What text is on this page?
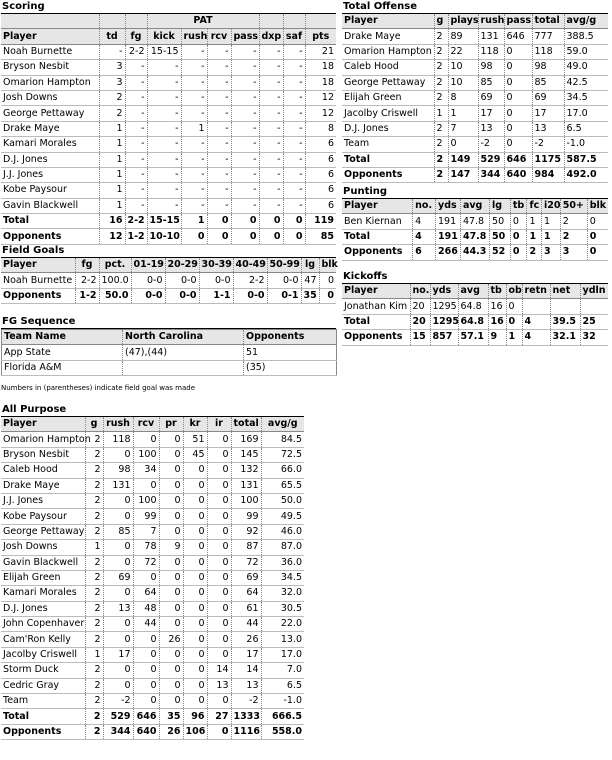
Scoring
			PAT						
Player	td	fg	kick	rush	rcv	pass	dxp	saf	pts
Noah Burnette	-	2-2	15-15	-	-	-	-	-	21
Bryson Nesbit	3	-	-	-	-	-	-	-	18
Omarion Hampton	3	-	-	-	-	-	-	-	18
Josh Downs	2	-	-	-	-	-	-	-	12
George Pettaway	2	-	-	-	-	-	-	-	12
Drake Maye	1	-	-	1	-	-	-	-	8
Kamari Morales	1	-	-	-	-	-	-	-	6
D.J. Jones	1	-	-	-	-	-	-	-	6
J.J. Jones	1	-	-	-	-	-	-	-	6
Kobe Paysour	1	-	-	-	-	-	-	-	6
Gavin Blackwell	1	-	-	-	-	-	-	-	6
Total	16	2-2	15-15	1	0	0	0	0	119
Opponents	12	1-2	10-10	0	0	0	0	0	85
Total Offense
Player	g	plays	rush	pass	total	avg/g
Drake Maye	2	89	131	646	777	388.5
Omarion Hampton	2	22	118	0	118	59.0
Caleb Hood	2	10	98	0	98	49.0
George Pettaway	2	10	85	0	85	42.5
Elijah Green	2	8	69	0	69	34.5
Jacolby Criswell	1	1	17	0	17	17.0
D.J. Jones	2	7	13	0	13	6.5
Team	2	0	-2	0	-2	-1.0
Total	2	149	529	646	1175	587.5
Opponents	2	147	344	640	984	492.0
Punting
Player	no.	yds	avg	lg	tb	fc	i20	50+	blk
Ben Kiernan	4	191	47.8	50	0	1	1	2	0
Total	4	191	47.8	50	0	1	1	2	0
Opponents	6	266	44.3	52	0	2	3	3	0
Kickoffs
Player	no.	yds	avg	tb	ob	retn	net	ydln
Jonathan Kim	20	1295	64.8	16	0			
Total	20	1295	64.8	16	0	4	39.5	25
Opponents	15	857	57.1	9	1	4	32.1	32
Field Goals
Player	fg	pct.	01-19	20-29	30-39	40-49	50-99	lg	blk
Noah Burnette	2-2	100.0	0-0	0-0	0-0	2-2	0-0	47	0
Opponents	1-2	50.0	0-0	0-0	1-1	0-0	0-1	35	0
FG Sequence
Team Name	North Carolina	Opponents
App State	(47),(44)	51
Florida A&M		(35)
Numbers in (parentheses) indicate field goal was made
All Purpose
Player	g	rush	rcv	pr	kr	ir	total	avg/g
Omarion Hampton	2	118	0	0	51	0	169	84.5
Bryson Nesbit	2	0	100	0	45	0	145	72.5
Caleb Hood	2	98	34	0	0	0	132	66.0
Drake Maye	2	131	0	0	0	0	131	65.5
J.J. Jones	2	0	100	0	0	0	100	50.0
Kobe Paysour	2	0	99	0	0	0	99	49.5
George Pettaway	2	85	7	0	0	0	92	46.0
Josh Downs	1	0	78	9	0	0	87	87.0
Gavin Blackwell	2	0	72	0	0	0	72	36.0
Elijah Green	2	69	0	0	0	0	69	34.5
Kamari Morales	2	0	64	0	0	0	64	32.0
D.J. Jones	2	13	48	0	0	0	61	30.5
John Copenhaver	2	0	44	0	0	0	44	22.0
Cam'Ron Kelly	2	0	0	26	0	0	26	13.0
Jacolby Criswell	1	17	0	0	0	0	17	17.0
Storm Duck	2	0	0	0	0	14	14	7.0
Cedric Gray	2	0	0	0	0	13	13	6.5
Team	2	-2	0	0	0	0	-2	-1.0
Total	2	529	646	35	96	27	1333	666.5
Opponents	2	344	640	26	106	0	1116	558.0
